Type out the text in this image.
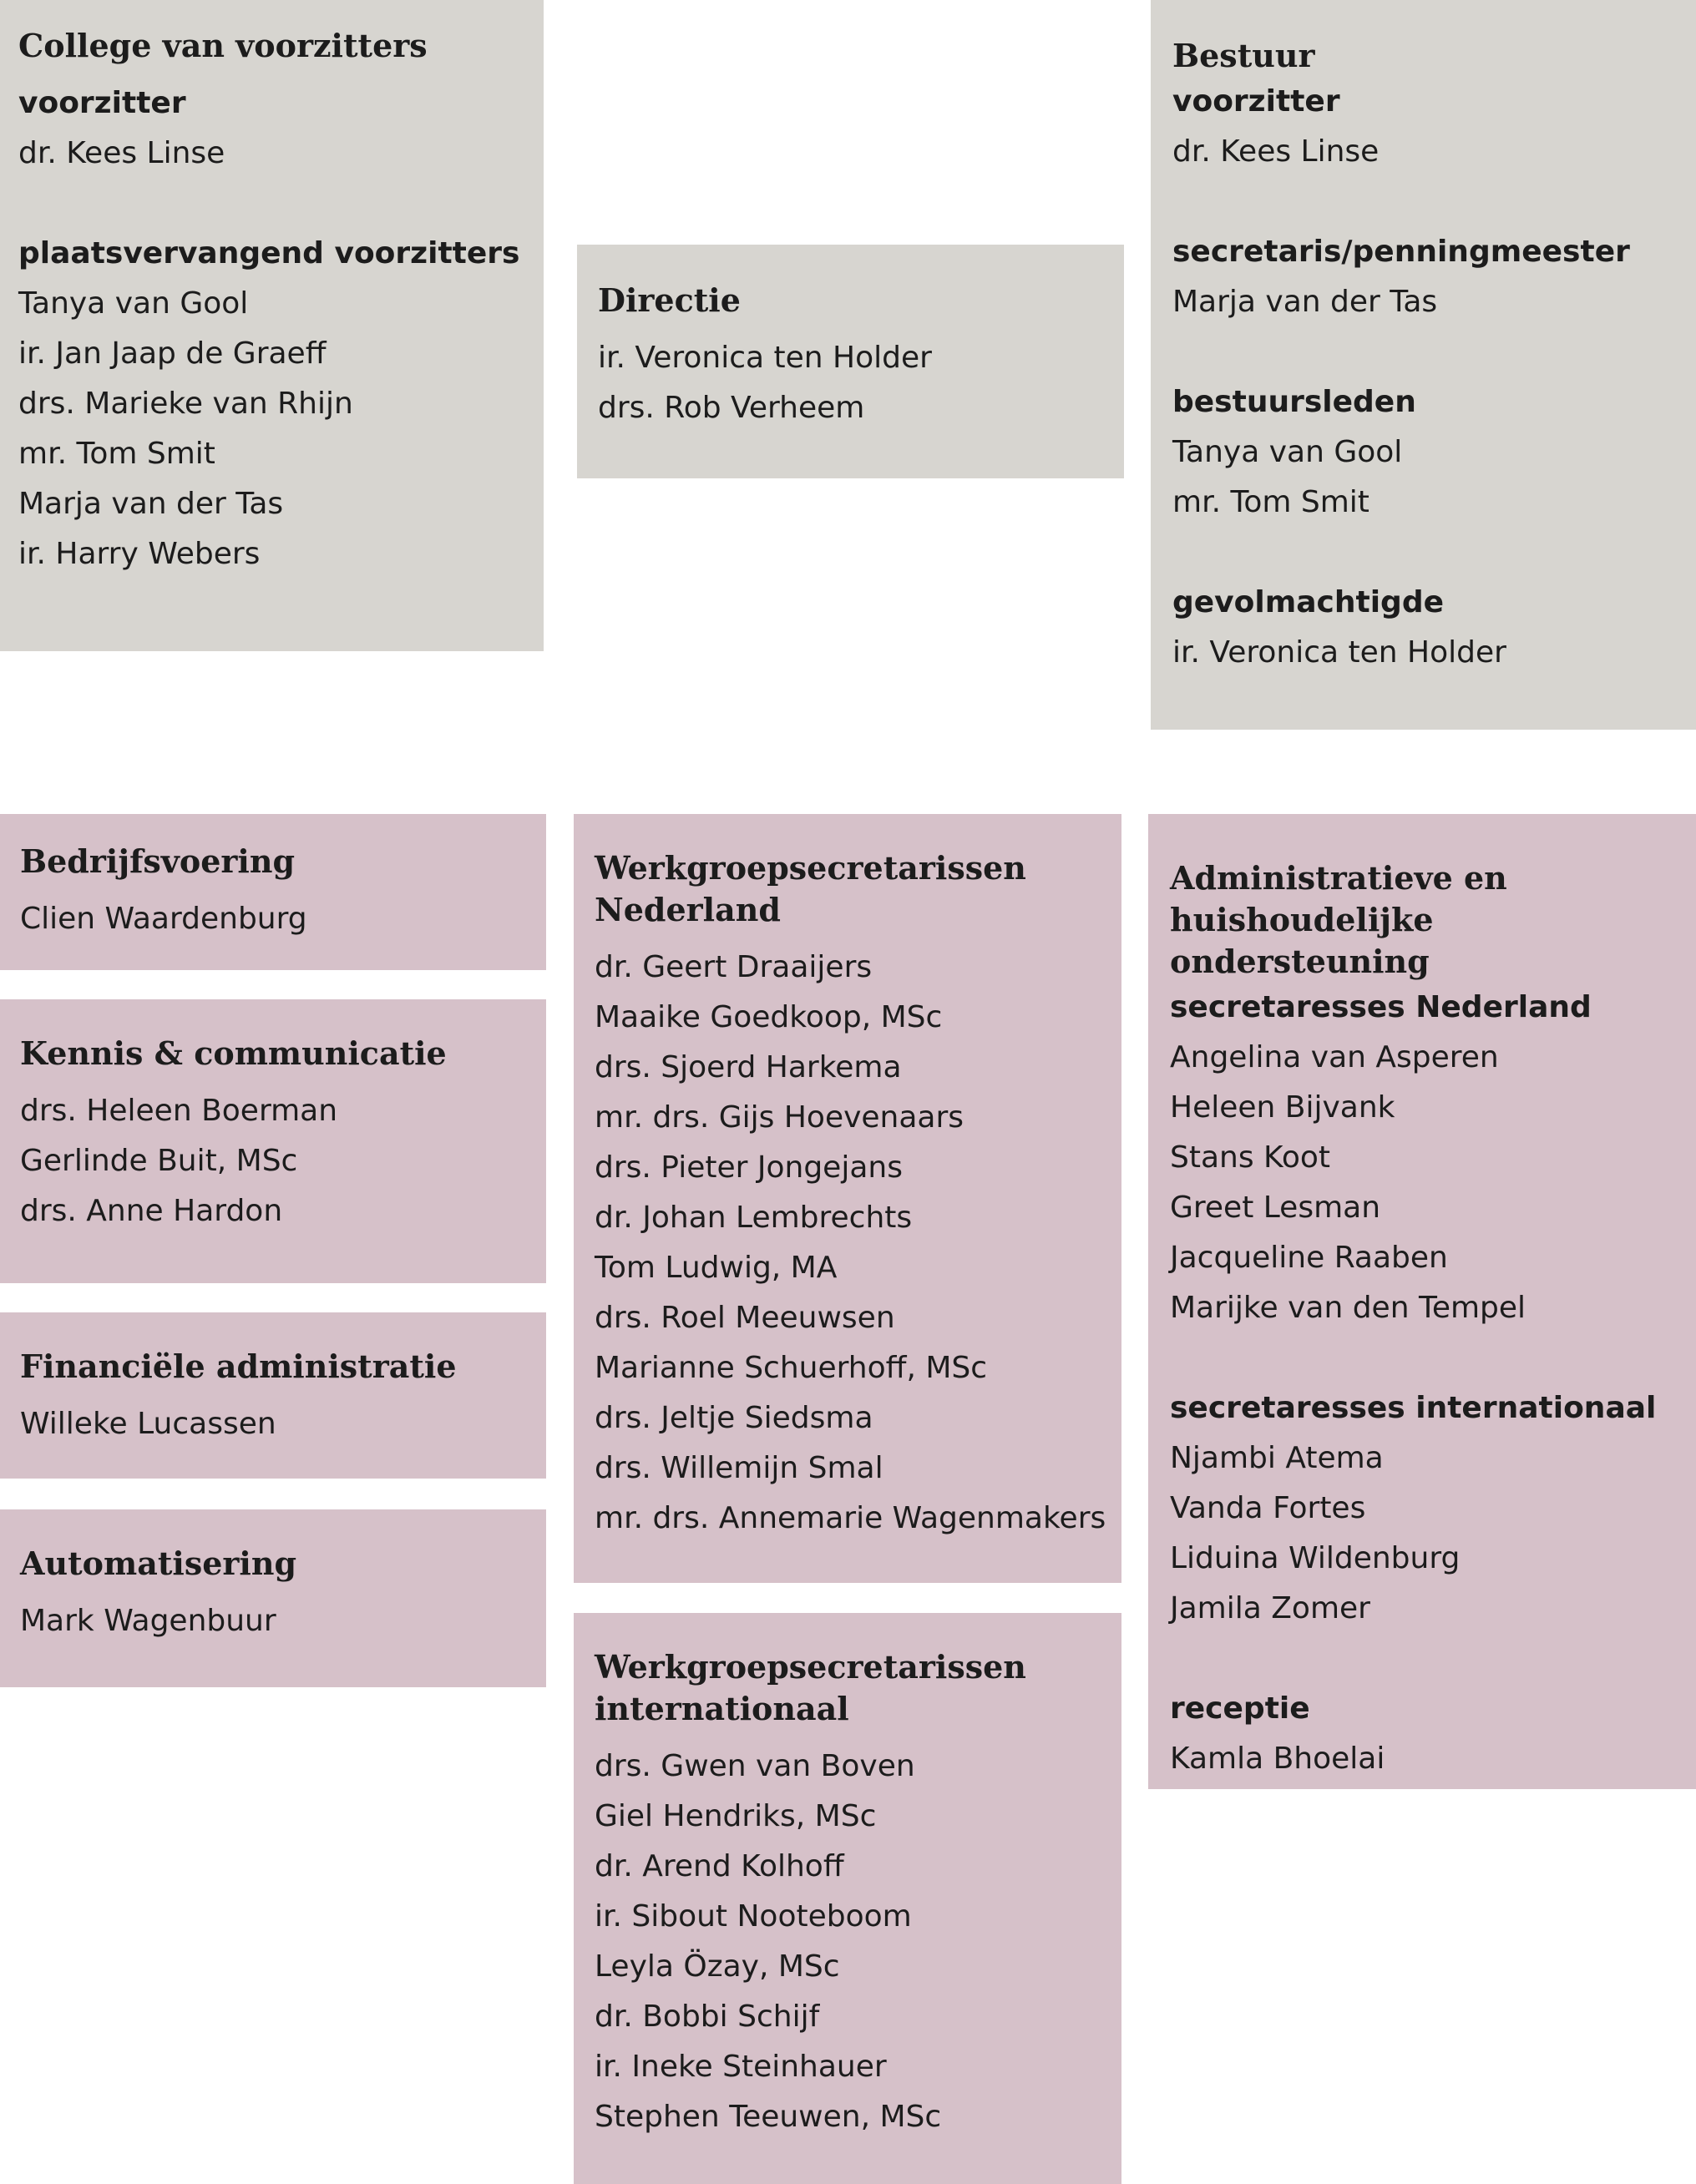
College van voorzitters
voorzitter
dr. Kees Linse
plaatsvervangend voorzitters
Tanya van Gool
ir. Jan Jaap de Graeff
drs. Marieke van Rhijn
mr. Tom Smit
Marja van der Tas
ir. Harry Webers
Directie
ir. Veronica ten Holder
drs. Rob Verheem
Bestuur
voorzitter
dr. Kees Linse
secretaris/penningmeester
Marja van der Tas
bestuursleden
Tanya van Gool
mr. Tom Smit
gevolmachtigde
ir. Veronica ten Holder
Bedrijfsvoering
Clien Waardenburg
Kennis & communicatie
drs. Heleen Boerman
Gerlinde Buit, MSc
drs. Anne Hardon
Financiële administratie
Willeke Lucassen
Automatisering
Mark Wagenbuur
Werkgroepsecretarissen
Nederland
dr. Geert Draaijers
Maaike Goedkoop, MSc
drs. Sjoerd Harkema
mr. drs. Gijs Hoevenaars
drs. Pieter Jongejans
dr. Johan Lembrechts
Tom Ludwig, MA
drs. Roel Meeuwsen
Marianne Schuerhoff, MSc
drs. Jeltje Siedsma
drs. Willemijn Smal
mr. drs. Annemarie Wagenmakers
Werkgroepsecretarissen
internationaal
drs. Gwen van Boven
Giel Hendriks, MSc
dr. Arend Kolhoff
ir. Sibout Nooteboom
Leyla Özay, MSc
dr. Bobbi Schijf
ir. Ineke Steinhauer
Stephen Teeuwen, MSc
Administratieve en
huishoudelijke ondersteuning
secretaresses Nederland
Angelina van Asperen
Heleen Bijvank
Stans Koot
Greet Lesman
Jacqueline Raaben
Marijke van den Tempel
secretaresses internationaal
Njambi Atema
Vanda Fortes
Liduina Wildenburg
Jamila Zomer
receptie
Kamla Bhoelai
